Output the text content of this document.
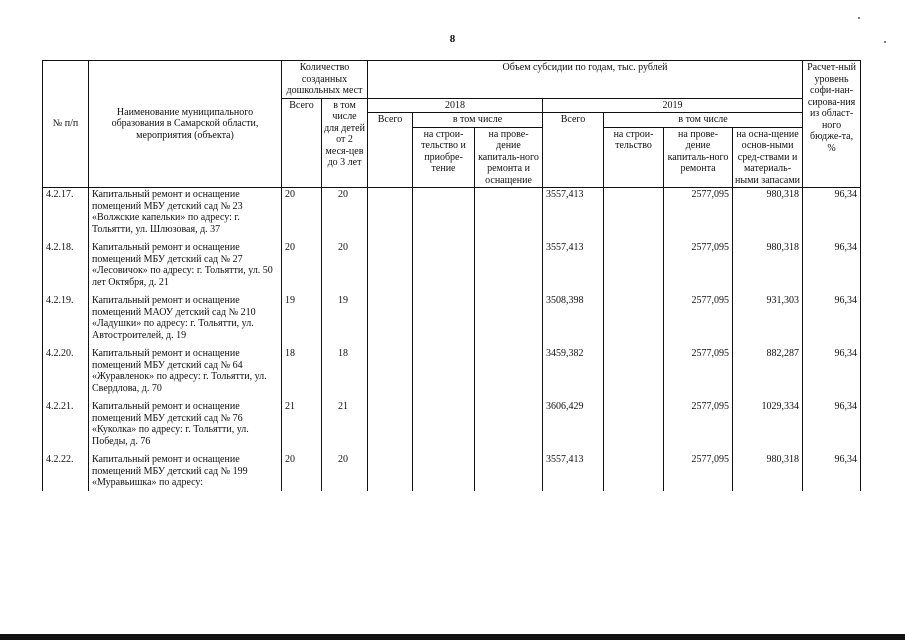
8
№ п/п	Наименование муниципального образования в Самарской области, мероприятия (объекта)	Количество созданных дошкольных мест		Объем субсидии по годам, тыс. рублей							Расчет-ный уровень софи-нан-сирова-ния из област-ного бюдже-та, %
		Всего	в том числе для детей от 2 меся-цев до 3 лет	2018			2019				
				Всего	в том числе		Всего	в том числе			
					на строи-тельство и приобре-тение	на прове-дение капиталь-ного ремонта и оснащение		на строи-тельство	на прове-дение капиталь-ного ремонта	на осна-щение основ-ными сред-ствами и материаль-ными запасами	
4.2.17.	Капитальный ремонт и оснащение помещений МБУ детский сад № 23 «Волжские капельки» по адресу: г. Тольятти, ул. Шлюзовая, д. 37	20	20				3557,413		2577,095	980,318	96,34
4.2.18.	Капитальный ремонт и оснащение помещений МБУ детский сад № 27 «Лесовичок» по адресу: г. Тольятти, ул. 50 лет Октября, д. 21	20	20				3557,413		2577,095	980,318	96,34
4.2.19.	Капитальный ремонт и оснащение помещений МАОУ детский сад № 210 «Ладушки» по адресу: г. Тольятти, ул. Автостроителей, д. 19	19	19				3508,398		2577,095	931,303	96,34
4.2.20.	Капитальный ремонт и оснащение помещений МБУ детский сад № 64 «Журавленок» по адресу: г. Тольятти, ул. Свердлова, д. 70	18	18				3459,382		2577,095	882,287	96,34
4.2.21.	Капитальный ремонт и оснащение помещений МБУ детский сад № 76 «Куколка» по адресу: г. Тольятти, ул. Победы, д. 76	21	21				3606,429		2577,095	1029,334	96,34
4.2.22.	Капитальный ремонт и оснащение помещений МБУ детский сад № 199 «Муравьишка» по адресу:	20	20				3557,413		2577,095	980,318	96,34
